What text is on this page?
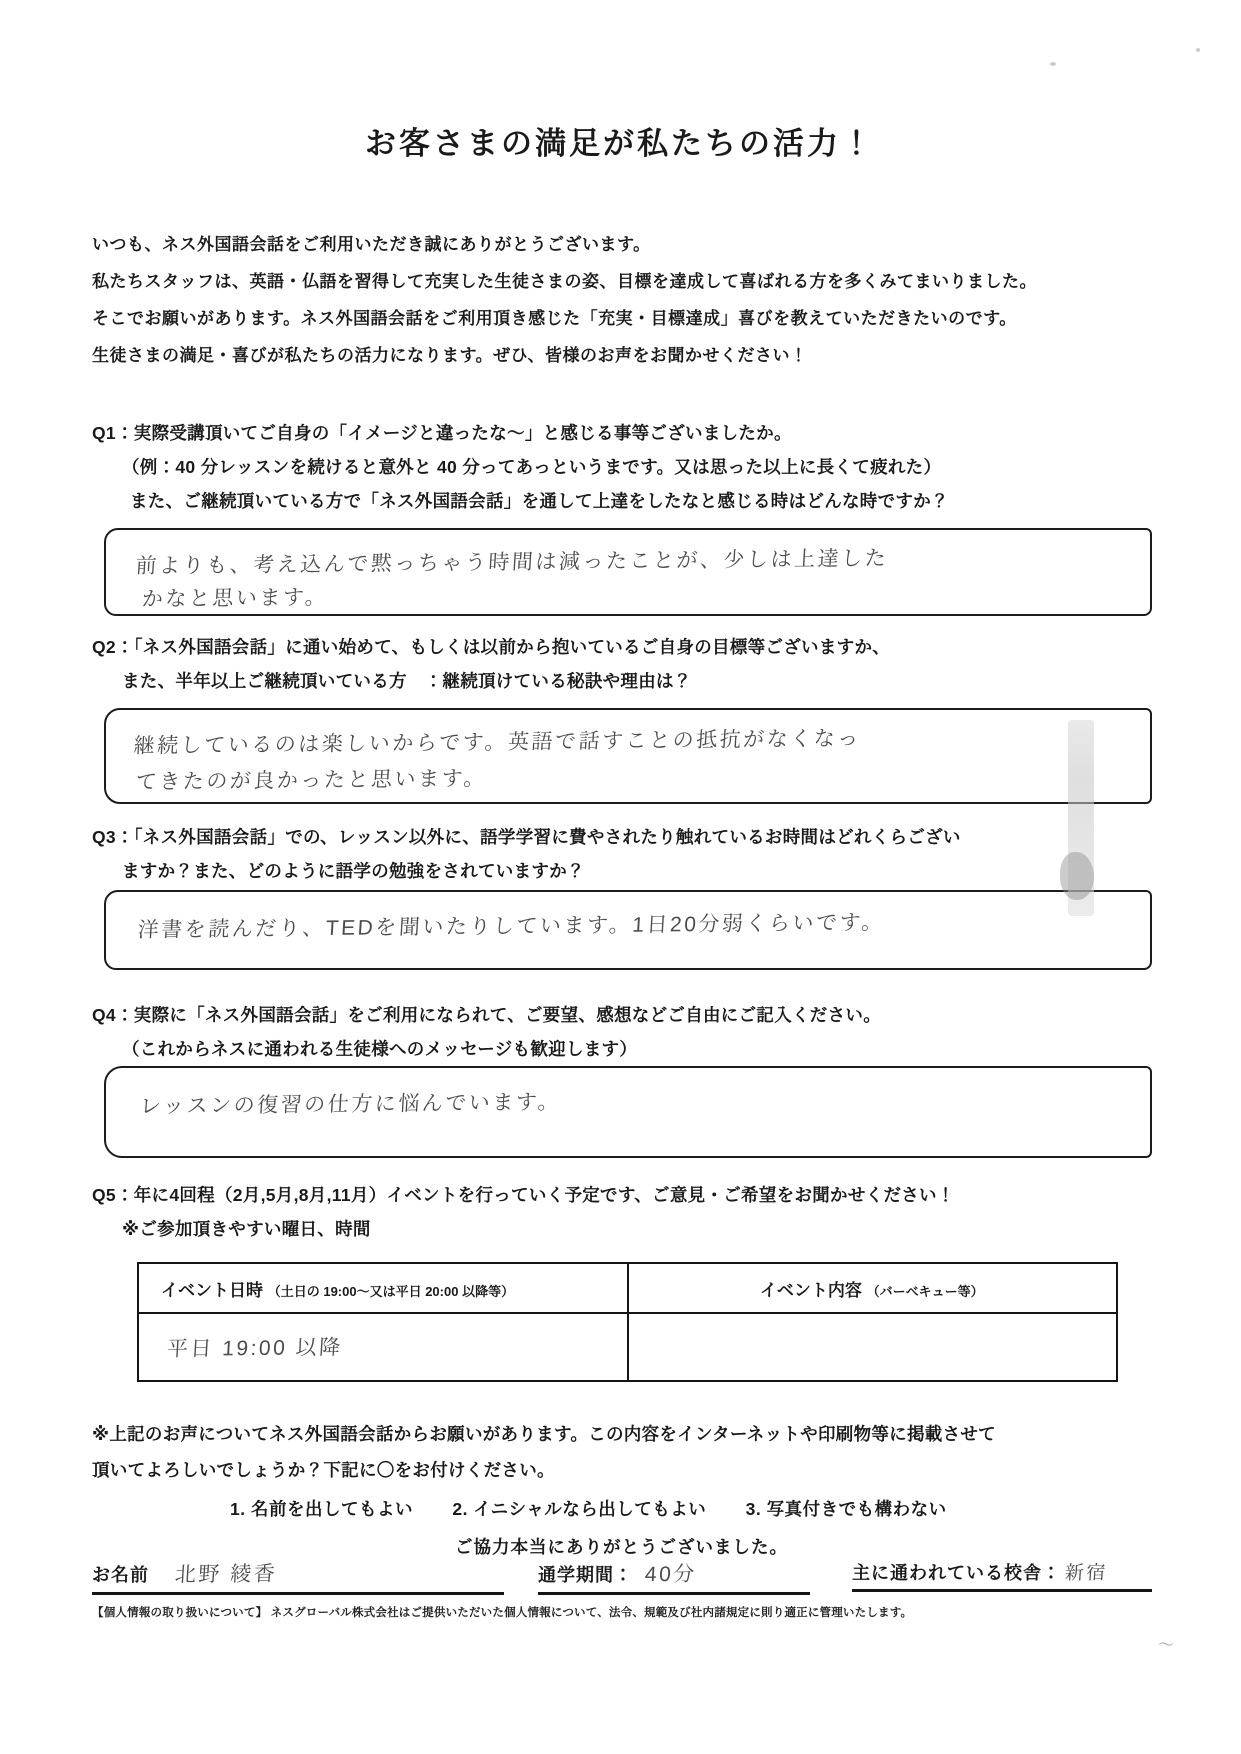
お客さまの満足が私たちの活力！
いつも、ネス外国語会話をご利用いただき誠にありがとうございます。
私たちスタッフは、英語・仏語を習得して充実した生徒さまの姿、目標を達成して喜ばれる方を多くみてまいりました。
そこでお願いがあります。ネス外国語会話をご利用頂き感じた「充実・目標達成」喜びを教えていただきたいのです。
生徒さまの満足・喜びが私たちの活力になります。ぜひ、皆様のお声をお聞かせください！
Q1：実際受講頂いてご自身の「イメージと違ったな～」と感じる事等ございましたか。
（例：40 分レッスンを続けると意外と 40 分ってあっというまです。又は思った以上に長くて疲れた）
また、ご継続頂いている方で「ネス外国語会話」を通して上達をしたなと感じる時はどんな時ですか？
前よりも、考え込んで黙っちゃう時間は減ったことが、少しは上達した
かなと思います。
Q2：「ネス外国語会話」に通い始めて、もしくは以前から抱いているご自身の目標等ございますか、
また、半年以上ご継続頂いている方　：継続頂けている秘訣や理由は？
継続しているのは楽しいからです。英語で話すことの抵抗がなくなっ
てきたのが良かったと思います。
Q3：「ネス外国語会話」での、レッスン以外に、語学学習に費やされたり触れているお時間はどれくらござい
ますか？また、どのように語学の勉強をされていますか？
洋書を読んだり、TEDを聞いたりしています。1日20分弱くらいです。
Q4：実際に「ネス外国語会話」をご利用になられて、ご要望、感想などご自由にご記入ください。
（これからネスに通われる生徒様へのメッセージも歓迎します）
レッスンの復習の仕方に悩んでいます。
Q5：年に4回程（2月,5月,8月,11月）イベントを行っていく予定です、ご意見・ご希望をお聞かせください！
※ご参加頂きやすい曜日、時間
イベント日時 （土日の 19:00～又は平日 20:00 以降等）	イベント内容 （バーベキュー等）
平日 19:00 以降	
※上記のお声についてネス外国語会話からお願いがあります。この内容をインターネットや印刷物等に掲載させて
頂いてよろしいでしょうか？下記に〇をお付けください。
1. 名前を出してもよい 2. イニシャルなら出してもよい 3. 写真付きでも構わない
ご協力本当にありがとうございました。
お名前 北野 綾香	通学期間： 40分	主に通われている校舎： 新宿
【個人情報の取り扱いについて】 ネスグローバル株式会社はご提供いただいた個人情報について、法令、規範及び社内諸規定に則り適正に管理いたします。
〜
